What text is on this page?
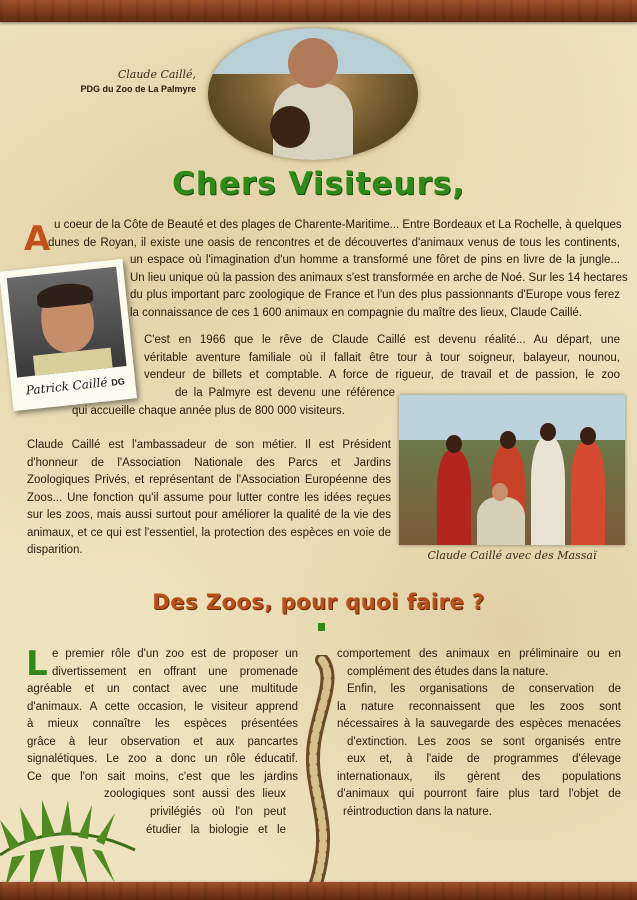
Claude Caillé,
PDG du Zoo de La Palmyre
Chers Visiteurs,
A u coeur de la Côte de Beauté et des plages de Charente-Maritime... Entre Bordeaux et La Rochelle, à quelques
dunes de Royan, il existe une oasis de rencontres et de découvertes d'animaux venus de tous les continents,
un espace où l'imagination d'un homme a transformé une fôret de pins en livre de la jungle...
Un lieu unique où la passion des animaux s'est transformée en arche de Noé. Sur les 14 hectares
du plus important parc zoologique de France et l'un des plus passionnants d'Europe vous ferez
la connaissance de ces 1 600 animaux en compagnie du maître des lieux, Claude Caillé.
Patrick Caillé DG
C'est en 1966 que le rêve de Claude Caillé est devenu réalité... Au départ, une
véritable aventure familiale où il fallait être tour à tour soigneur, balayeur, nounou,
vendeur de billets et comptable. A force de rigueur, de travail et de passion, le zoo
de la Palmyre est devenu une référence
qui accueille chaque année plus de 800 000 visiteurs.
Claude Caillé est l'ambassadeur de son métier. Il est Président
d'honneur de l'Association Nationale des Parcs et Jardins
Zoologiques Privés, et représentant de l'Association Européenne des
Zoos... Une fonction qu'il assume pour lutter contre les idées reçues
sur les zoos, mais aussi surtout pour améliorer la qualité de la vie des
animaux, et ce qui est l'essentiel, la protection des espèces en voie de
disparition.	Claude Caillé avec des Massaï
Des Zoos, pour quoi faire ?
L e premier rôle d'un zoo est de proposer un
divertissement en offrant une promenade
agréable et un contact avec une multitude
d'animaux. A cette occasion, le visiteur apprend
à mieux connaître les espèces présentées
grâce à leur observation et aux pancartes
signalétiques. Le zoo a donc un rôle éducatif.
Ce que l'on sait moins, c'est que les jardins
zoologiques sont aussi des lieux
privilégiés où l'on peut
étudier la biologie et le
comportement des animaux en préliminaire ou en
complément des études dans la nature.
Enfin, les organisations de conservation de
la nature reconnaissent que les zoos sont
nécessaires à la sauvegarde des espèces menacées
d'extinction. Les zoos se sont organisés entre
eux et, à l'aide de programmes d'élevage
internationaux, ils gèrent des populations
d'animaux qui pourront faire plus tard l'objet de
réintroduction dans la nature.
